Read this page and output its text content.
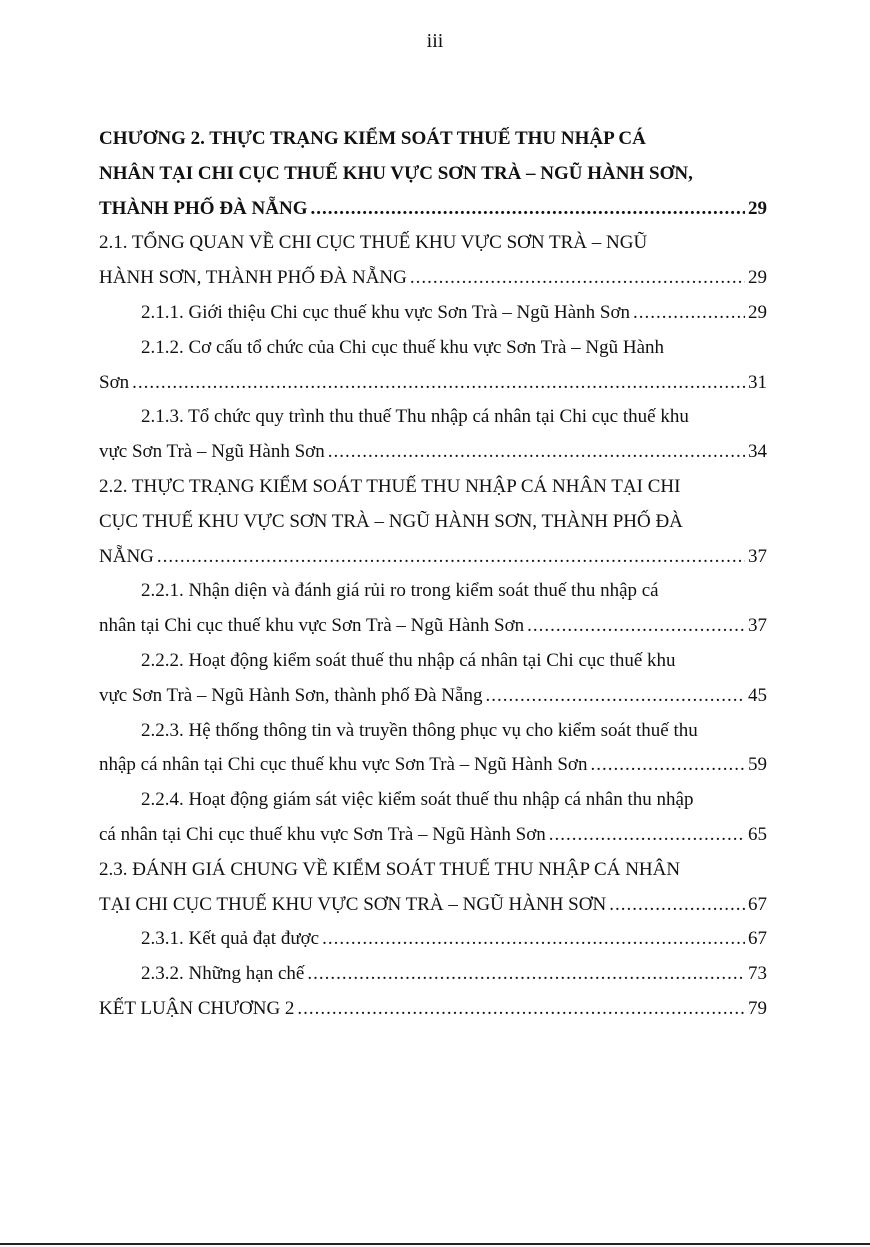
iii
CHƯƠNG 2. THỰC TRẠNG KIỂM SOÁT THUẾ THU NHẬP CÁ
NHÂN TẠI CHI CỤC THUẾ KHU VỰC SƠN TRÀ – NGŨ HÀNH SƠN,
THÀNH PHỐ ĐÀ NẴNG .....	29
2.1. TỔNG QUAN VỀ CHI CỤC THUẾ KHU VỰC SƠN TRÀ – NGŨ
HÀNH SƠN, THÀNH PHỐ ĐÀ NẴNG .....	29
2.1.1. Giới thiệu Chi cục thuế khu vực Sơn Trà – Ngũ Hành Sơn .....	29
2.1.2. Cơ cấu tổ chức của Chi cục thuế khu vực Sơn Trà – Ngũ Hành
Sơn .....	31
2.1.3. Tổ chức quy trình thu thuế Thu nhập cá nhân tại Chi cục thuế khu
vực Sơn Trà – Ngũ Hành Sơn .....	34
2.2. THỰC TRẠNG KIỂM SOÁT THUẾ THU NHẬP CÁ NHÂN TẠI CHI
CỤC THUẾ KHU VỰC SƠN TRÀ – NGŨ HÀNH SƠN, THÀNH PHỐ ĐÀ
NẴNG .....	37
2.2.1. Nhận diện và đánh giá rủi ro trong kiểm soát thuế thu nhập cá
nhân tại Chi cục thuế khu vực Sơn Trà – Ngũ Hành Sơn .....	37
2.2.2. Hoạt động kiểm soát thuế thu nhập cá nhân tại Chi cục thuế khu
vực Sơn Trà – Ngũ Hành Sơn, thành phố Đà Nẵng .....	45
2.2.3. Hệ thống thông tin và truyền thông phục vụ cho kiểm soát thuế thu
nhập cá nhân tại Chi cục thuế khu vực Sơn Trà – Ngũ Hành Sơn .....	59
2.2.4. Hoạt động giám sát việc kiểm soát thuế thu nhập cá nhân thu nhập
cá nhân tại Chi cục thuế khu vực Sơn Trà – Ngũ Hành Sơn .....	65
2.3. ĐÁNH GIÁ CHUNG VỀ KIỂM SOÁT THUẾ THU NHẬP CÁ NHÂN
TẠI CHI CỤC THUẾ KHU VỰC SƠN TRÀ – NGŨ HÀNH SƠN .....	67
2.3.1. Kết quả đạt được .....	67
2.3.2. Những hạn chế .....	73
KẾT LUẬN CHƯƠNG 2 .....	79
